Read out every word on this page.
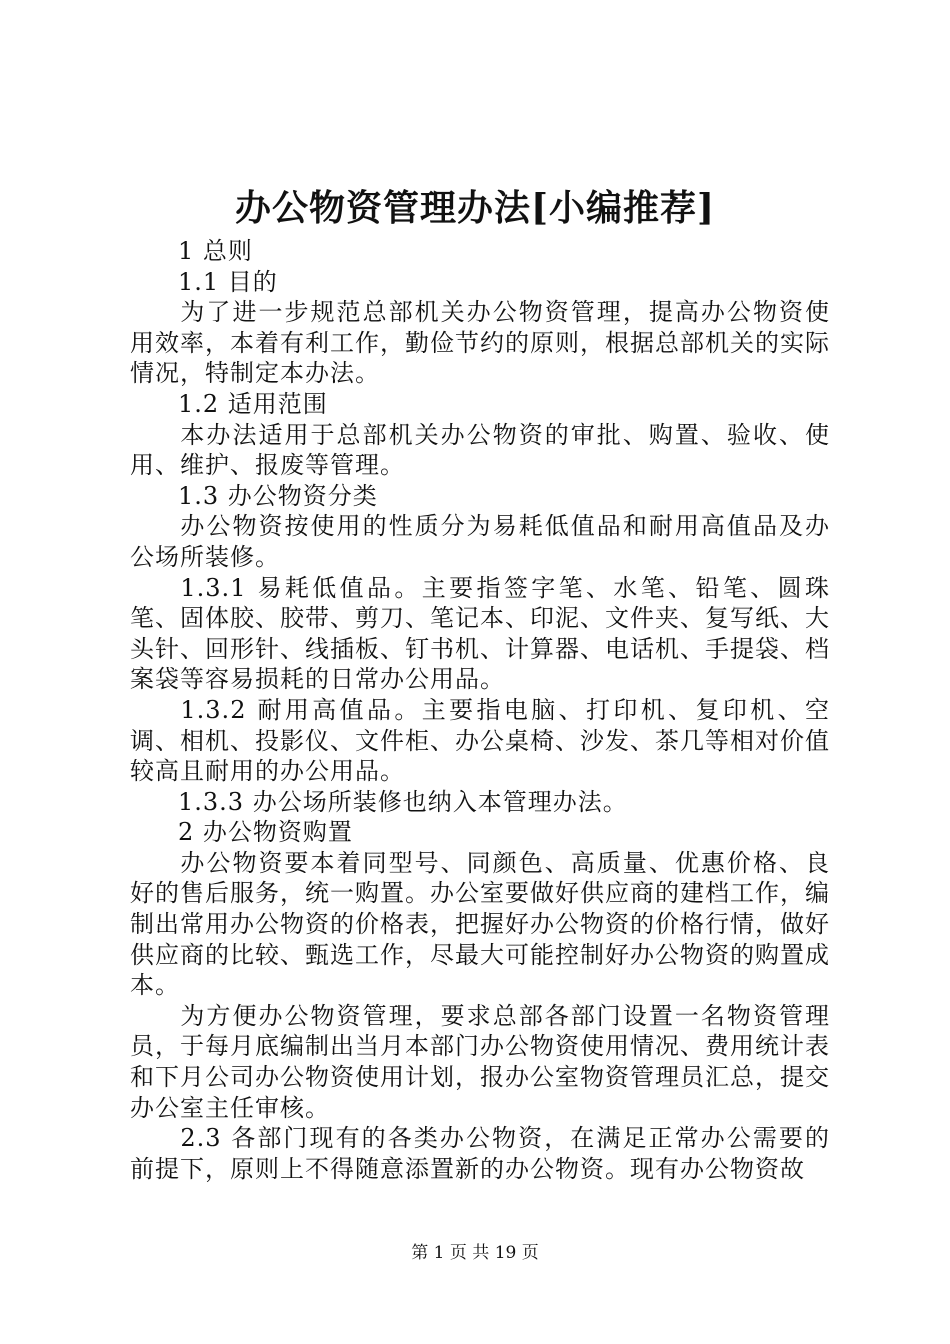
办公物资管理办法[小编推荐]

1 总则

1.1 目的

为了进一步规范总部机关办公物资管理，提高办公物资使用效率，本着有利工作，勤俭节约的原则，根据总部机关的实际情况，特制定本办法。

1.2 适用范围

本办法适用于总部机关办公物资的审批、购置、验收、使用、维护、报废等管理。

1.3 办公物资分类

办公物资按使用的性质分为易耗低值品和耐用高值品及办公场所装修。

1.3.1 易耗低值品。主要指签字笔、水笔、铅笔、圆珠笔、固体胶、胶带、剪刀、笔记本、印泥、文件夹、复写纸、大头针、回形针、线插板、钉书机、计算器、电话机、手提袋、档案袋等容易损耗的日常办公用品。

1.3.2 耐用高值品。主要指电脑、打印机、复印机、空调、相机、投影仪、文件柜、办公桌椅、沙发、茶几等相对价值较高且耐用的办公用品。

1.3.3 办公场所装修也纳入本管理办法。

2 办公物资购置

办公物资要本着同型号、同颜色、高质量、优惠价格、良好的售后服务，统一购置。办公室要做好供应商的建档工作，编制出常用办公物资的价格表，把握好办公物资的价格行情，做好供应商的比较、甄选工作，尽最大可能控制好办公物资的购置成本。

为方便办公物资管理，要求总部各部门设置一名物资管理员，于每月底编制出当月本部门办公物资使用情况、费用统计表和下月公司办公物资使用计划，报办公室物资管理员汇总，提交办公室主任审核。

2.3 各部门现有的各类办公物资，在满足正常办公需要的前提下，原则上不得随意添置新的办公物资。现有办公物资故

第 1 页 共 19 页
